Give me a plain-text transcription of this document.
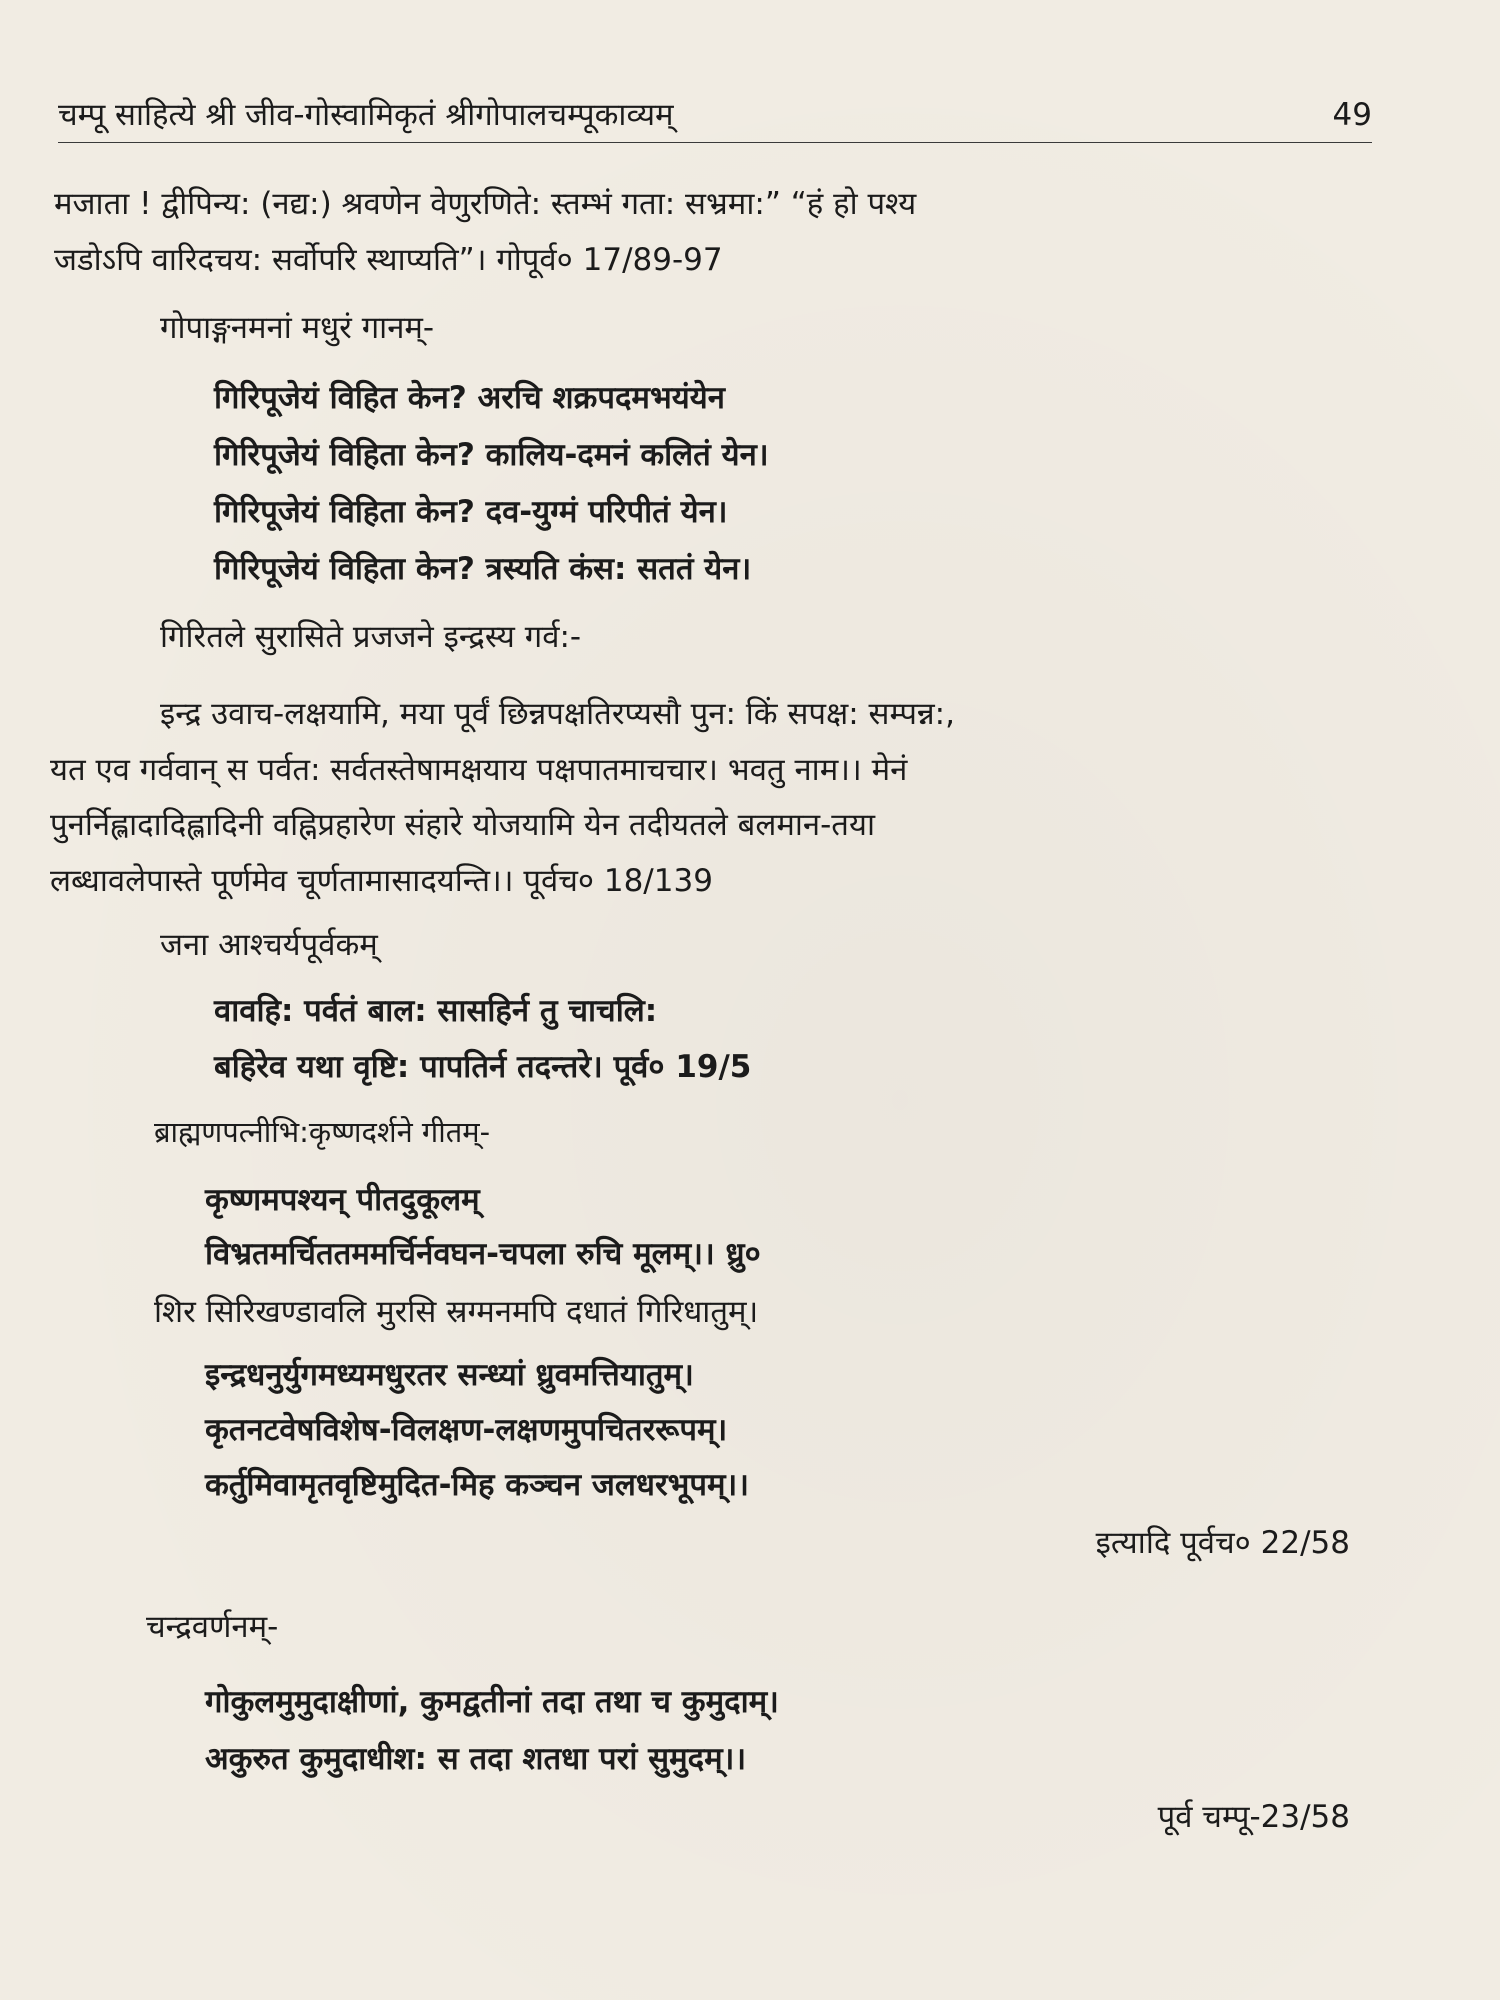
चम्पू साहित्ये श्री जीव-गोस्वामिकृतं श्रीगोपालचम्पूकाव्यम्	49
मजाता ! द्वीपिन्य: (नद्य:) श्रवणेन वेणुरणिते: स्तम्भं गता: सभ्रमा:” “हं हो पश्य
जडोऽपि वारिदचय: सर्वोपरि स्थाप्यति”। गोपूर्व० 17/89-97
गोपाङ्गनमनां मधुरं गानम्-
गिरिपूजेयं विहित केन? अरचि शक्रपदमभयंयेन
गिरिपूजेयं विहिता केन? कालिय-दमनं कलितं येन।
गिरिपूजेयं विहिता केन? दव-युग्मं परिपीतं येन।
गिरिपूजेयं विहिता केन? त्रस्यति कंस: सततं येन।
गिरितले सुरासिते प्रजजने इन्द्रस्य गर्व:-
इन्द्र उवाच-लक्षयामि, मया पूर्वं छिन्नपक्षतिरप्यसौ पुन: किं सपक्ष: सम्पन्न:,
यत एव गर्ववान् स पर्वत: सर्वतस्तेषामक्षयाय पक्षपातमाचचार। भवतु नाम।। मेनं
पुनर्निह्लादादिह्लादिनी वह्निप्रहारेण संहारे योजयामि येन तदीयतले बलमान-तया
लब्धावलेपास्ते पूर्णमेव चूर्णतामासादयन्ति।। पूर्वच० 18/139
जना आश्चर्यपूर्वकम्
वावहि: पर्वतं बाल: सासहिर्न तु चाचलि:
बहिरेव यथा वृष्टि: पापतिर्न तदन्तरे। पूर्व० 19/5
ब्राह्मणपत्नीभि:कृष्णदर्शने गीतम्-
कृष्णमपश्यन् पीतदुकूलम्
विभ्रतमर्चिततममर्चिर्नवघन-चपला रुचि मूलम्।। ध्रु०
शिर सिरिखण्डावलि मुरसि स्रग्मनमपि दधातं गिरिधातुम्।
इन्द्रधनुर्युगमध्यमधुरतर सन्ध्यां ध्रुवमत्तियातुम्।
कृतनटवेषविशेष-विलक्षण-लक्षणमुपचितररूपम्।
कर्तुमिवामृतवृष्टिमुदित-मिह कञ्चन जलधरभूपम्।।
इत्यादि पूर्वच० 22/58
चन्द्रवर्णनम्-
गोकुलमुमुदाक्षीणां, कुमद्वतीनां तदा तथा च कुमुदाम्।
अकुरुत कुमुदाधीश: स तदा शतधा परां सुमुदम्।।
पूर्व चम्पू-23/58
